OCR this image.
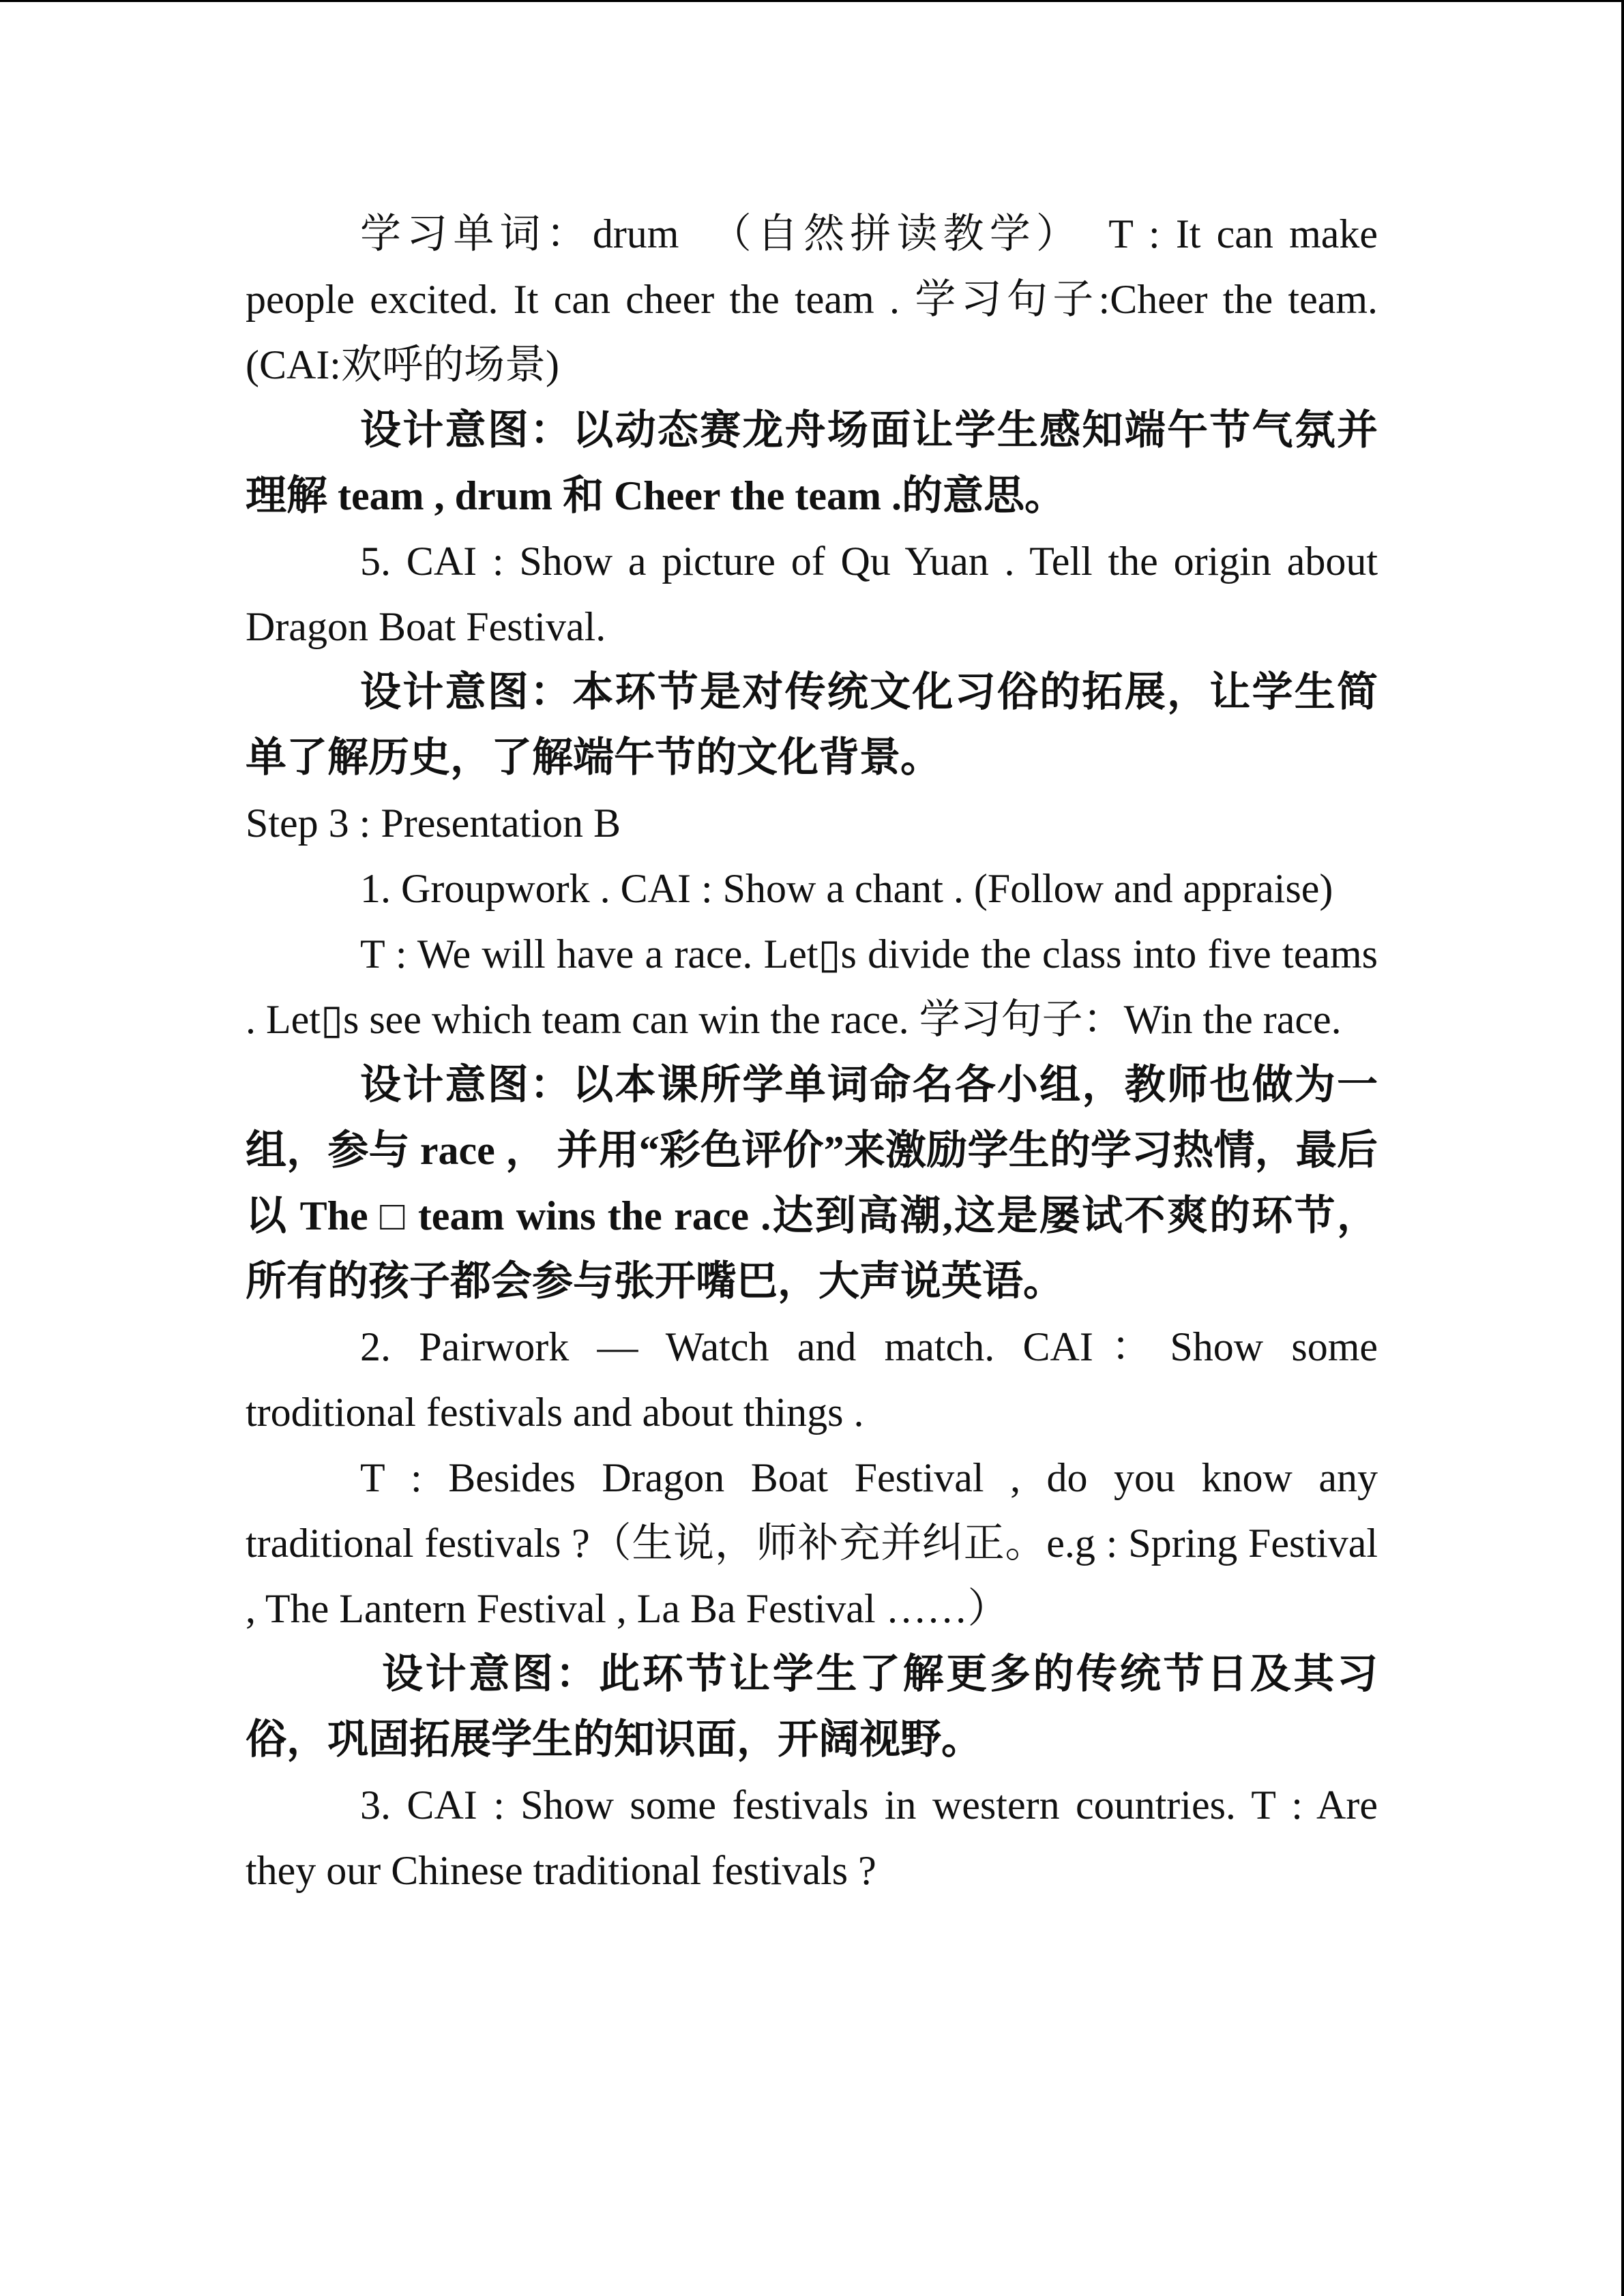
学习单词：drum　（自然拼读教学）　T : It can make people excited. It can cheer the team . 学习句子:Cheer the team.(CAI:欢呼的场景)

设计意图：以动态赛龙舟场面让学生感知端午节气氛并理解 team , drum 和 Cheer the team .的意思。

5. CAI : Show a picture of Qu Yuan . Tell the origin about Dragon Boat Festival.

设计意图：本环节是对传统文化习俗的拓展，让学生简单了解历史，了解端午节的文化背景。

Step 3 : Presentation B

1. Groupwork . CAI : Show a chant . (Follow and appraise)

T : We will have a race. Let▯s divide the class into five teams . Let▯s see which team can win the race. 学习句子：Win the race.

设计意图：以本课所学单词命名各小组，教师也做为一组，参与 race ， 并用“彩色评价”来激励学生的学习热情，最后以 The □ team wins the race .达到高潮,这是屡试不爽的环节，所有的孩子都会参与张开嘴巴，大声说英语。

2. Pairwork — Watch and match. CAI：Show some troditional festivals and about things .

T : Besides Dragon Boat Festival , do you know any traditional festivals ?（生说，师补充并纠正。e.g : Spring Festival , The Lantern Festival , La Ba Festival ……）

设计意图：此环节让学生了解更多的传统节日及其习俗，巩固拓展学生的知识面，开阔视野。

3. CAI : Show some festivals in western countries. T : Are they our Chinese traditional festivals ?
